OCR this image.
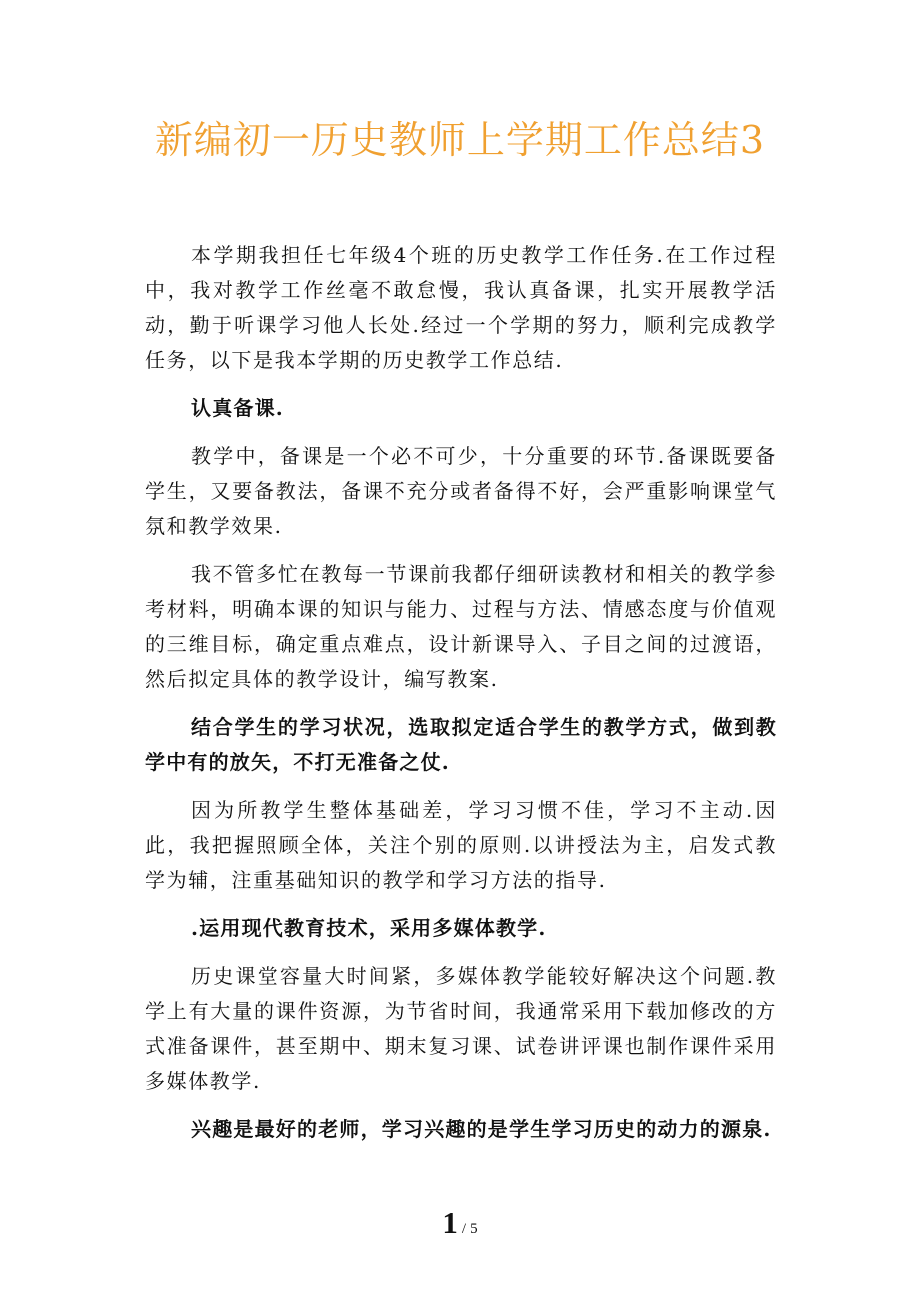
新编初一历史教师上学期工作总结3

本学期我担任七年级4个班的历史教学工作任务.在工作过程中，我对教学工作丝毫不敢怠慢，我认真备课，扎实开展教学活动，勤于听课学习他人长处.经过一个学期的努力，顺利完成教学任务，以下是我本学期的历史教学工作总结.

认真备课.

教学中，备课是一个必不可少，十分重要的环节.备课既要备学生，又要备教法，备课不充分或者备得不好，会严重影响课堂气氛和教学效果.

我不管多忙在教每一节课前我都仔细研读教材和相关的教学参考材料，明确本课的知识与能力、过程与方法、情感态度与价值观的三维目标，确定重点难点，设计新课导入、子目之间的过渡语，然后拟定具体的教学设计，编写教案.

结合学生的学习状况，选取拟定适合学生的教学方式，做到教学中有的放矢，不打无准备之仗.

因为所教学生整体基础差，学习习惯不佳，学习不主动.因此，我把握照顾全体，关注个别的原则.以讲授法为主，启发式教学为辅，注重基础知识的教学和学习方法的指导.

.运用现代教育技术，采用多媒体教学.

历史课堂容量大时间紧，多媒体教学能较好解决这个问题.教学上有大量的课件资源，为节省时间，我通常采用下载加修改的方式准备课件，甚至期中、期末复习课、试卷讲评课也制作课件采用多媒体教学.

兴趣是最好的老师，学习兴趣的是学生学习历史的动力的源泉.

1 / 5
